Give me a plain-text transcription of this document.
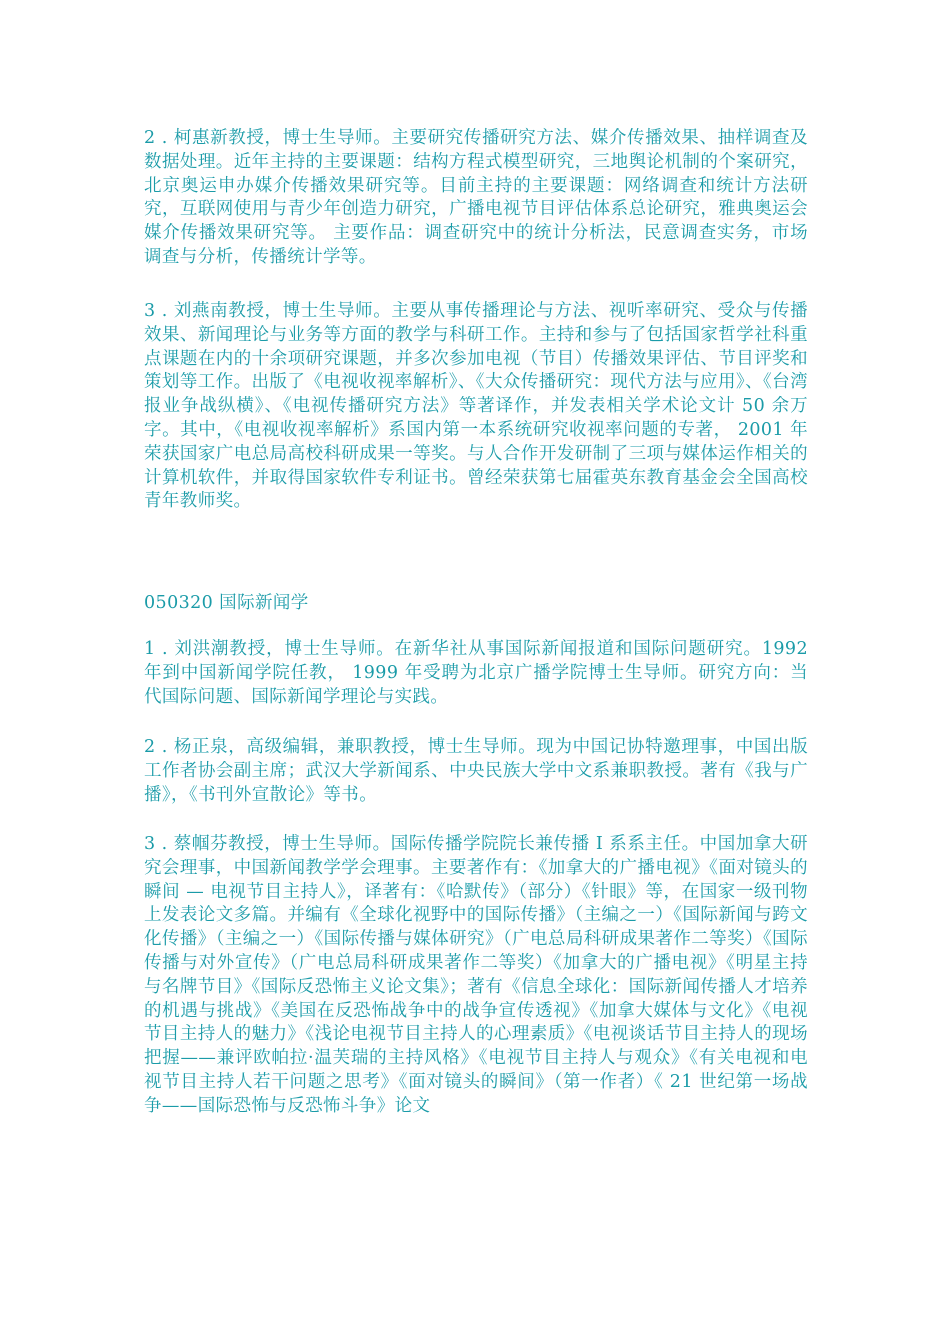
2 . 柯惠新教授，博士生导师。主要研究传播研究方法、媒介传播效果、抽样调查及数据处理。近年主持的主要课题：结构方程式模型研究，三地舆论机制的个案研究，北京奥运申办媒介传播效果研究等。目前主持的主要课题：网络调查和统计方法研究，互联网使用与青少年创造力研究，广播电视节目评估体系总论研究，雅典奥运会媒介传播效果研究等。 主要作品：调查研究中的统计分析法，民意调查实务，市场调查与分析，传播统计学等。

3 . 刘燕南教授，博士生导师。主要从事传播理论与方法、视听率研究、受众与传播效果、新闻理论与业务等方面的教学与科研工作。主持和参与了包括国家哲学社科重点课题在内的十余项研究课题，并多次参加电视（节目）传播效果评估、节目评奖和策划等工作。出版了《电视收视率解析》、《大众传播研究：现代方法与应用》、《台湾报业争战纵横》、《电视传播研究方法》等著译作，并发表相关学术论文计 50 余万字。其中，《电视收视率解析》系国内第一本系统研究收视率问题的专著， 2001 年荣获国家广电总局高校科研成果一等奖。与人合作开发研制了三项与媒体运作相关的计算机软件，并取得国家软件专利证书。曾经荣获第七届霍英东教育基金会全国高校青年教师奖。

050320 国际新闻学

1 . 刘洪潮教授，博士生导师。在新华社从事国际新闻报道和国际问题研究。1992 年到中国新闻学院任教， 1999 年受聘为北京广播学院博士生导师。研究方向：当代国际问题、国际新闻学理论与实践。

2 . 杨正泉，高级编辑，兼职教授，博士生导师。现为中国记协特邀理事，中国出版工作者协会副主席；武汉大学新闻系、中央民族大学中文系兼职教授。著有《我与广播》，《书刊外宣散论》等书。

3 . 蔡帼芬教授，博士生导师。国际传播学院院长兼传播 I 系系主任。中国加拿大研究会理事，中国新闻教学学会理事。主要著作有：《加拿大的广播电视》《面对镜头的瞬间 — 电视节目主持人》，译著有：《哈默传》（部分）《针眼》等，在国家一级刊物上发表论文多篇。并编有《全球化视野中的国际传播》（主编之一）《国际新闻与跨文化传播》（主编之一）《国际传播与媒体研究》（广电总局科研成果著作二等奖）《国际传播与对外宣传》（广电总局科研成果著作二等奖）《加拿大的广播电视》《明星主持与名牌节目》《国际反恐怖主义论文集》；著有《信息全球化：国际新闻传播人才培养的机遇与挑战》《美国在反恐怖战争中的战争宣传透视》《加拿大媒体与文化》《电视节目主持人的魅力》《浅论电视节目主持人的心理素质》《电视谈话节目主持人的现场把握——兼评欧帕拉·温芙瑞的主持风格》《电视节目主持人与观众》《有关电视和电视节目主持人若干问题之思考》《面对镜头的瞬间》（第一作者）《 21 世纪第一场战争——国际恐怖与反恐怖斗争》论文
